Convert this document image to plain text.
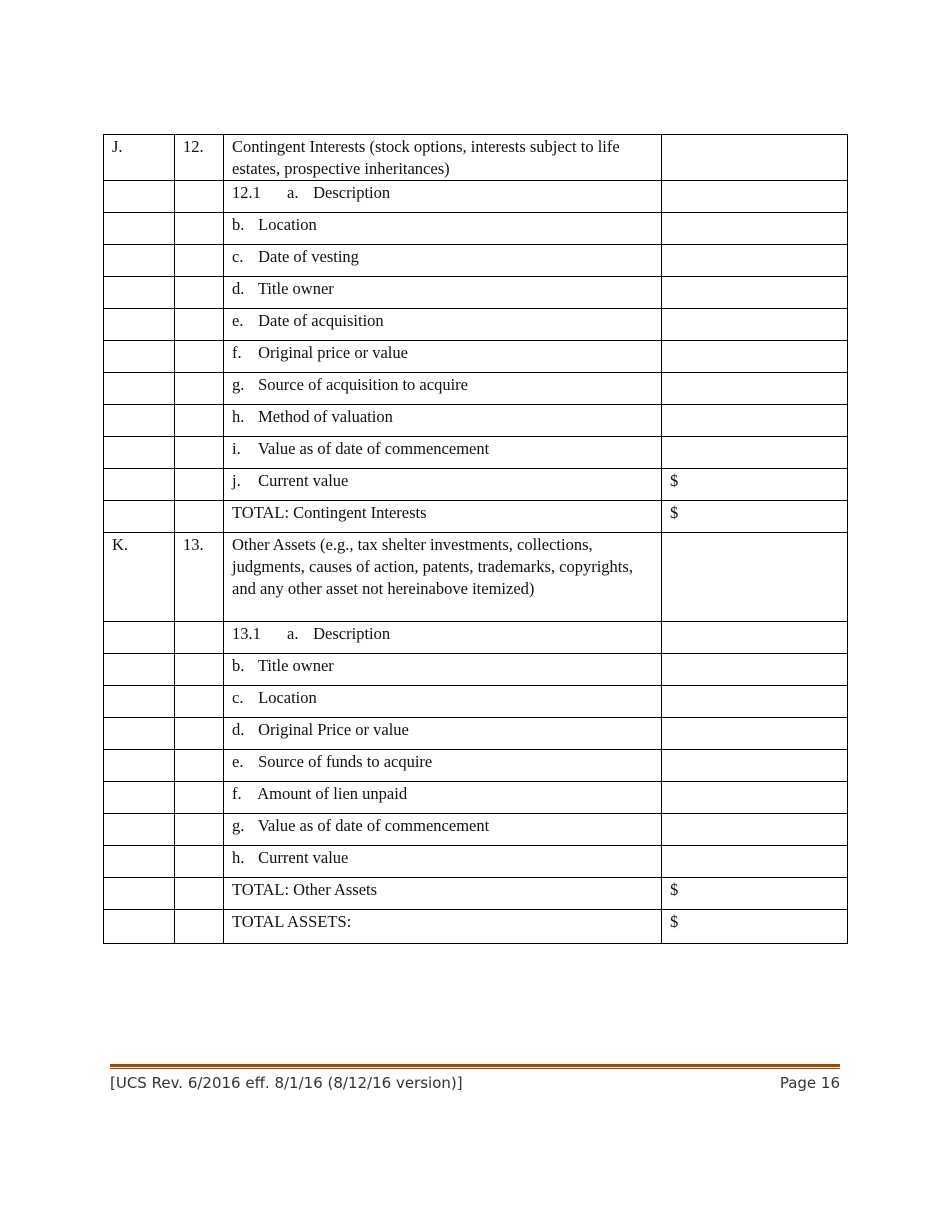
J.	12.	Contingent Interests (stock options, interests subject to life estates, prospective inheritances)	
		12.1 a. Description	
		b. Location	
		c. Date of vesting	
		d. Title owner	
		e. Date of acquisition	
		f. Original price or value	
		g. Source of acquisition to acquire	
		h. Method of valuation	
		i. Value as of date of commencement	
		j. Current value	$
		TOTAL: Contingent Interests	$
K.	13.	Other Assets (e.g., tax shelter investments, collections, judgments, causes of action, patents, trademarks, copyrights, and any other asset not hereinabove itemized)	
		13.1 a. Description	
		b. Title owner	
		c. Location	
		d. Original Price or value	
		e. Source of funds to acquire	
		f. Amount of lien unpaid	
		g. Value as of date of commencement	
		h. Current value	
		TOTAL: Other Assets	$
		TOTAL ASSETS:	$
[UCS Rev. 6/2016 eff. 8/1/16 (8/12/16 version)]	Page 16
